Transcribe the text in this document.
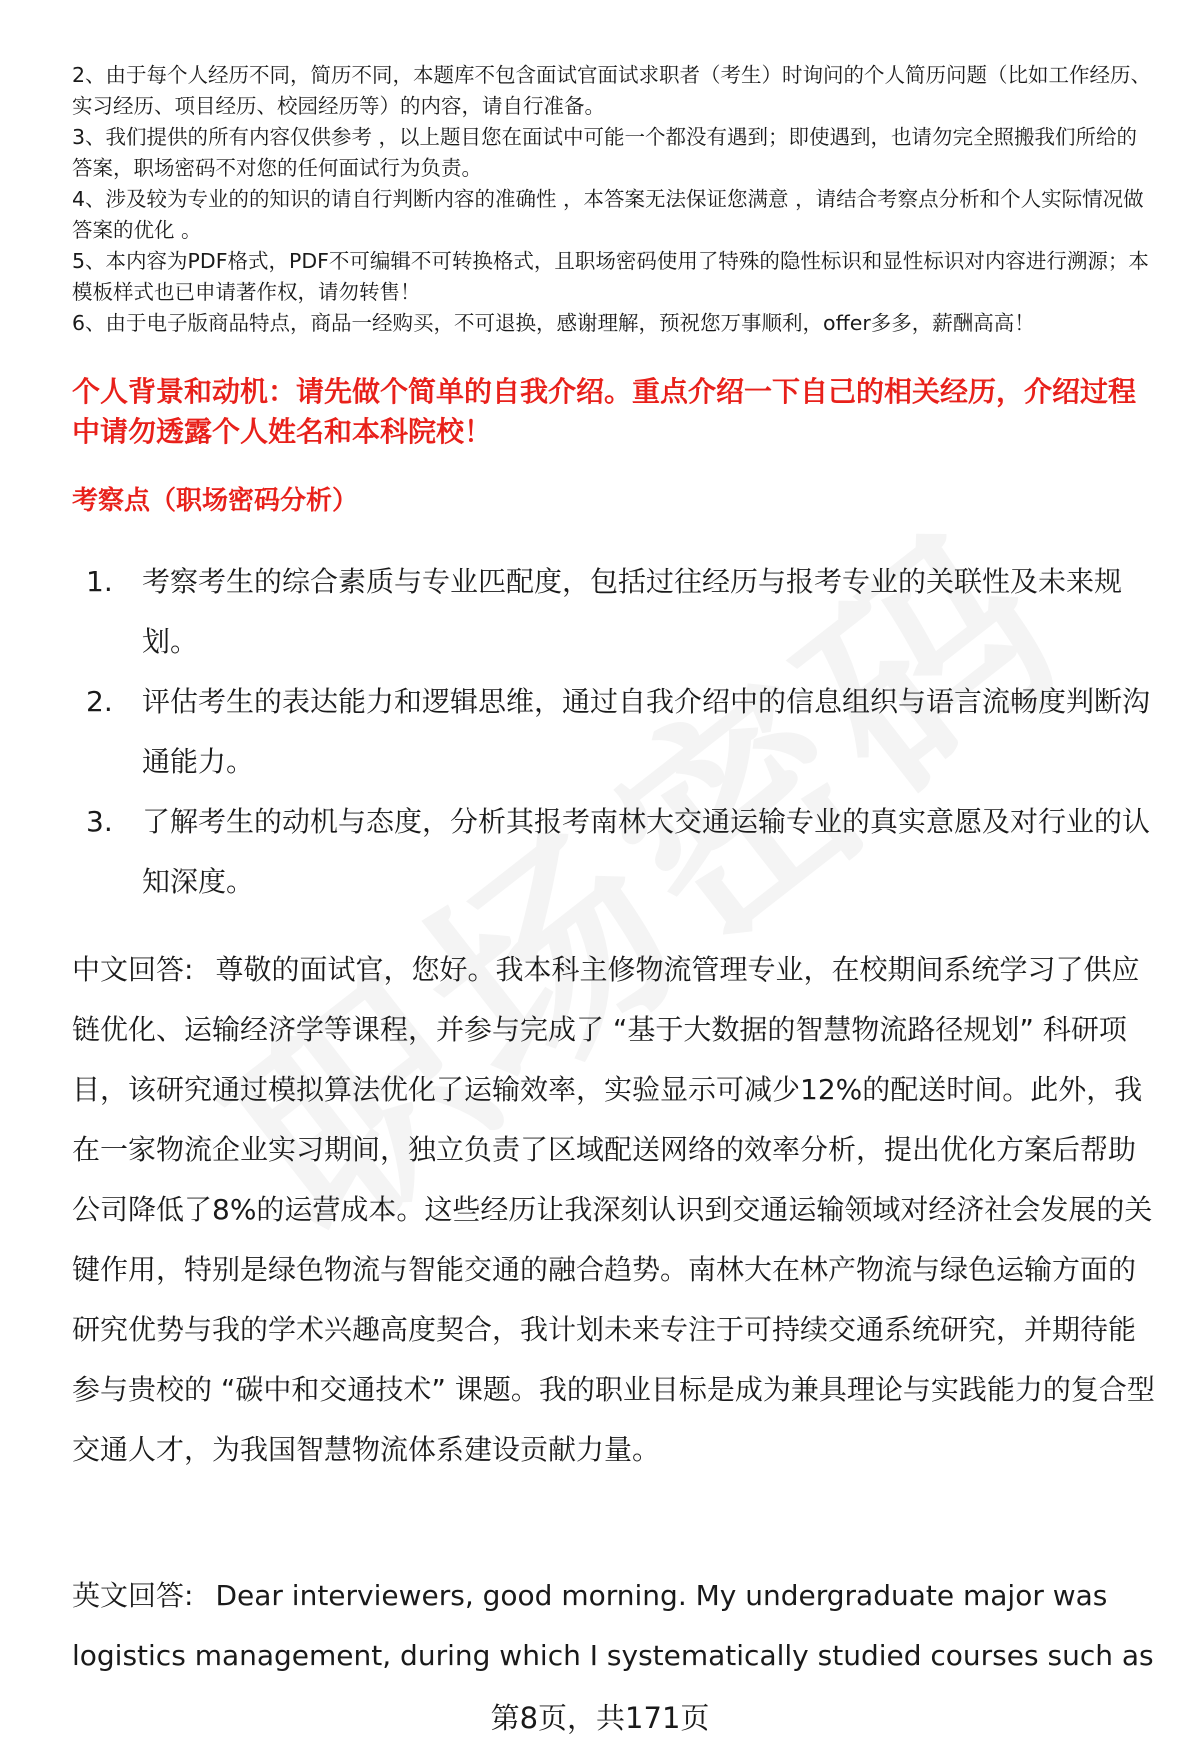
2、由于每个人经历不同，简历不同，本题库不包含面试官面试求职者（考生）时询问的个人简历问题（比如工作经历、实习经历、项目经历、校园经历等）的内容，请自行准备。

3、我们提供的所有内容仅供参考 ，以上题目您在面试中可能一个都没有遇到；即使遇到，也请勿完全照搬我们所给的答案，职场密码不对您的任何面试行为负责。

4、涉及较为专业的的知识的请自行判断内容的准确性 ，本答案无法保证您满意 ，请结合考察点分析和个人实际情况做答案的优化 。

5、本内容为PDF格式，PDF不可编辑不可转换格式，且职场密码使用了特殊的隐性标识和显性标识对内容进行溯源；本模板样式也已申请著作权，请勿转售！

6、由于电子版商品特点，商品一经购买，不可退换，感谢理解，预祝您万事顺利，offer多多，薪酬高高！

个人背景和动机：请先做个简单的自我介绍。重点介绍一下自己的相关经历，介绍过程中请勿透露个人姓名和本科院校！

考察点（职场密码分析）

1.	考察考生的综合素质与专业匹配度，包括过往经历与报考专业的关联性及未来规划。
2.	评估考生的表达能力和逻辑思维，通过自我介绍中的信息组织与语言流畅度判断沟通能力。
3.	了解考生的动机与态度，分析其报考南林大交通运输专业的真实意愿及对行业的认知深度。

中文回答: 尊敬的面试官，您好。我本科主修物流管理专业，在校期间系统学习了供应链优化、运输经济学等课程，并参与完成了 “基于大数据的智慧物流路径规划” 科研项目，该研究通过模拟算法优化了运输效率，实验显示可减少12%的配送时间。此外，我在一家物流企业实习期间，独立负责了区域配送网络的效率分析，提出优化方案后帮助公司降低了8%的运营成本。这些经历让我深刻认识到交通运输领域对经济社会发展的关键作用，特别是绿色物流与智能交通的融合趋势。南林大在林产物流与绿色运输方面的研究优势与我的学术兴趣高度契合，我计划未来专注于可持续交通系统研究，并期待能参与贵校的 “碳中和交通技术” 课题。我的职业目标是成为兼具理论与实践能力的复合型交通人才，为我国智慧物流体系建设贡献力量。

英文回答: Dear interviewers, good morning. My undergraduate major was logistics management, during which I systematically studied courses such as

第8页，共171页
